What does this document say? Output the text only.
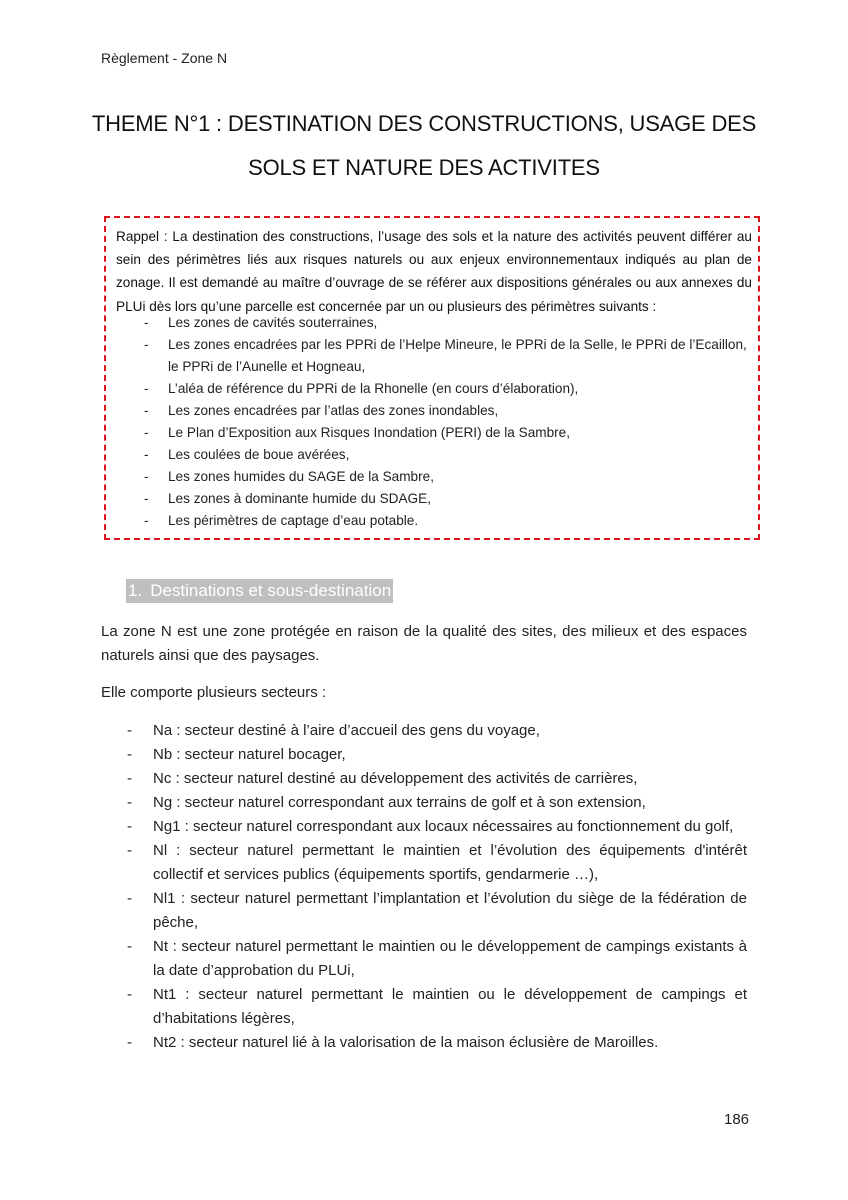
Règlement - Zone N
THEME N°1 : DESTINATION DES CONSTRUCTIONS, USAGE DES
SOLS ET NATURE DES ACTIVITES
Rappel : La destination des constructions, l’usage des sols et la nature des activités peuvent différer au sein des périmètres liés aux risques naturels ou aux enjeux environnementaux indiqués au plan de zonage. Il est demandé au maître d’ouvrage de se référer aux dispositions générales ou aux annexes du PLUi dès lors qu’une parcelle est concernée par un ou plusieurs des périmètres suivants :
- Les zones de cavités souterraines,
- Les zones encadrées par les PPRi de l’Helpe Mineure, le PPRi de la Selle, le PPRi de l’Ecaillon, le PPRi de l’Aunelle et Hogneau,
- L’aléa de référence du PPRi de la Rhonelle (en cours d’élaboration),
- Les zones encadrées par l’atlas des zones inondables,
- Le Plan d’Exposition aux Risques Inondation (PERI) de la Sambre,
- Les coulées de boue avérées,
- Les zones humides du SAGE de la Sambre,
- Les zones à dominante humide du SDAGE,
- Les périmètres de captage d’eau potable.
1. Destinations et sous-destination

La zone N est une zone protégée en raison de la qualité des sites, des milieux et des espaces naturels ainsi que des paysages.

Elle comporte plusieurs secteurs :

- Na : secteur destiné à l’aire d’accueil des gens du voyage,
- Nb : secteur naturel bocager,
- Nc : secteur naturel destiné au développement des activités de carrières,
- Ng : secteur naturel correspondant aux terrains de golf et à son extension,
- Ng1 : secteur naturel correspondant aux locaux nécessaires au fonctionnement du golf,
- Nl : secteur naturel permettant le maintien et l’évolution des équipements d'intérêt collectif et services publics (équipements sportifs, gendarmerie …),
- Nl1 : secteur naturel permettant l’implantation et l’évolution du siège de la fédération de pêche,
- Nt : secteur naturel permettant le maintien ou le développement de campings existants à la date d’approbation du PLUi,
- Nt1 : secteur naturel permettant le maintien ou le développement de campings et d’habitations légères,
- Nt2 : secteur naturel lié à la valorisation de la maison éclusière de Maroilles.
186
